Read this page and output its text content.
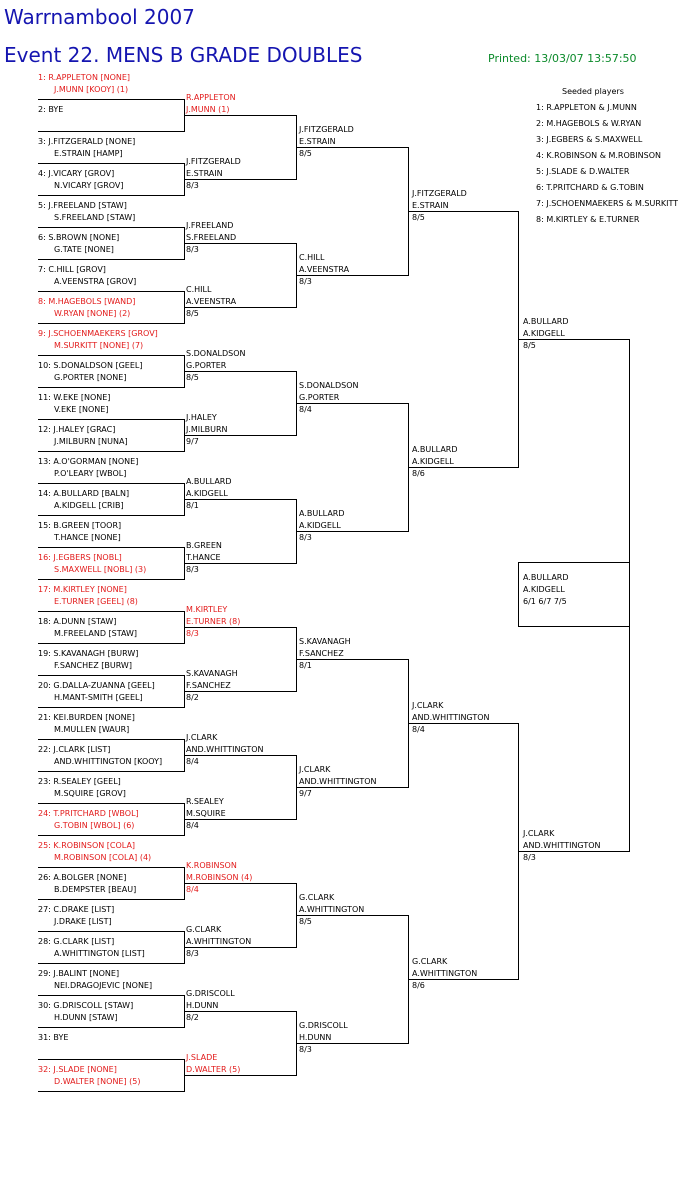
Warrnambool 2007
Event 22. MENS B GRADE DOUBLES	Printed: 13/03/07 13:57:50
Seeded players
1: R.APPLETON & J.MUNN
2: M.HAGEBOLS & W.RYAN
3: J.EGBERS & S.MAXWELL
4: K.ROBINSON & M.ROBINSON
5: J.SLADE & D.WALTER
6: T.PRITCHARD & G.TOBIN
7: J.SCHOENMAEKERS & M.SURKITT
8: M.KIRTLEY & E.TURNER
1: R.APPLETON [NONE]
J.MUNN [KOOY] (1)
2: BYE
3: J.FITZGERALD [NONE]
E.STRAIN [HAMP]
4: J.VICARY [GROV]
N.VICARY [GROV]
5: J.FREELAND [STAW]
S.FREELAND [STAW]
6: S.BROWN [NONE]
G.TATE [NONE]
7: C.HILL [GROV]
A.VEENSTRA [GROV]
8: M.HAGEBOLS [WAND]
W.RYAN [NONE] (2)
9: J.SCHOENMAEKERS [GROV]
M.SURKITT [NONE] (7)
10: S.DONALDSON [GEEL]
G.PORTER [NONE]
11: W.EKE [NONE]
V.EKE [NONE]
12: J.HALEY [GRAC]
J.MILBURN [NUNA]
13: A.O'GORMAN [NONE]
P.O'LEARY [WBOL]
14: A.BULLARD [BALN]
A.KIDGELL [CRIB]
15: B.GREEN [TOOR]
T.HANCE [NONE]
16: J.EGBERS [NOBL]
S.MAXWELL [NOBL] (3)
17: M.KIRTLEY [NONE]
E.TURNER [GEEL] (8)
18: A.DUNN [STAW]
M.FREELAND [STAW]
19: S.KAVANAGH [BURW]
F.SANCHEZ [BURW]
20: G.DALLA-ZUANNA [GEEL]
H.MANT-SMITH [GEEL]
21: KEI.BURDEN [NONE]
M.MULLEN [WAUR]
22: J.CLARK [LIST]
AND.WHITTINGTON [KOOY]
23: R.SEALEY [GEEL]
M.SQUIRE [GROV]
24: T.PRITCHARD [WBOL]
G.TOBIN [WBOL] (6)
25: K.ROBINSON [COLA]
M.ROBINSON [COLA] (4)
26: A.BOLGER [NONE]
B.DEMPSTER [BEAU]
27: C.DRAKE [LIST]
J.DRAKE [LIST]
28: G.CLARK [LIST]
A.WHITTINGTON [LIST]
29: J.BALINT [NONE]
NEI.DRAGOJEVIC [NONE]
30: G.DRISCOLL [STAW]
H.DUNN [STAW]
31: BYE
32: J.SLADE [NONE]
D.WALTER [NONE] (5)
R.APPLETON
J.MUNN (1)
J.FITZGERALD
E.STRAIN
8/3
J.FREELAND
S.FREELAND
8/3
C.HILL
A.VEENSTRA
8/5
S.DONALDSON
G.PORTER
8/5
J.HALEY
J.MILBURN
9/7
A.BULLARD
A.KIDGELL
8/1
B.GREEN
T.HANCE
8/3
M.KIRTLEY
E.TURNER (8)
8/3
S.KAVANAGH
F.SANCHEZ
8/2
J.CLARK
AND.WHITTINGTON
8/4
R.SEALEY
M.SQUIRE
8/4
K.ROBINSON
M.ROBINSON (4)
8/4
G.CLARK
A.WHITTINGTON
8/3
G.DRISCOLL
H.DUNN
8/2
J.SLADE
D.WALTER (5)
J.FITZGERALD
E.STRAIN
8/5
C.HILL
A.VEENSTRA
8/3
S.DONALDSON
G.PORTER
8/4
A.BULLARD
A.KIDGELL
8/3
S.KAVANAGH
F.SANCHEZ
8/1
J.CLARK
AND.WHITTINGTON
9/7
G.CLARK
A.WHITTINGTON
8/5
G.DRISCOLL
H.DUNN
8/3
J.FITZGERALD
E.STRAIN
8/5
A.BULLARD
A.KIDGELL
8/6
J.CLARK
AND.WHITTINGTON
8/4
G.CLARK
A.WHITTINGTON
8/6
A.BULLARD
A.KIDGELL
8/5
J.CLARK
AND.WHITTINGTON
8/3
A.BULLARD
A.KIDGELL
6/1 6/7 7/5
